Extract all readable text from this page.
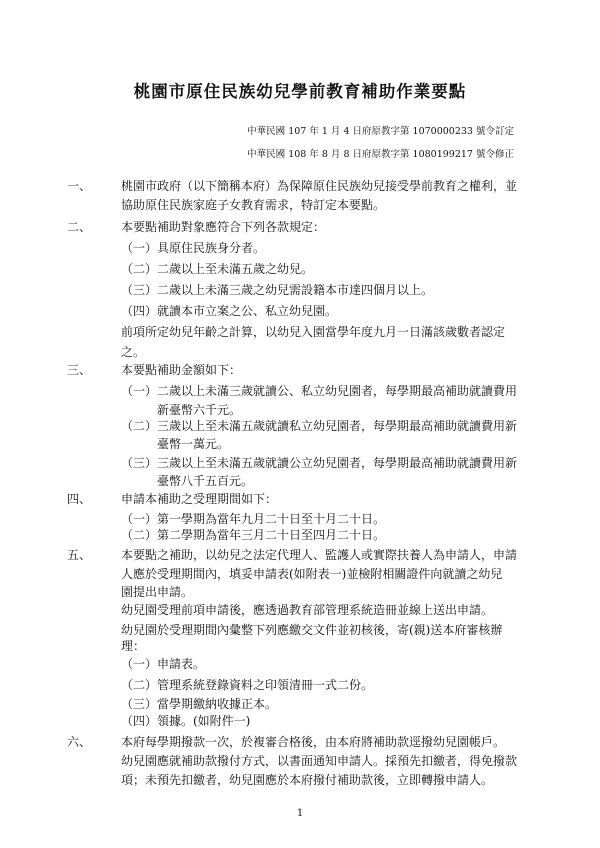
桃園市原住民族幼兒學前教育補助作業要點
中華民國 107 年 1 月 4 日府原教字第 1070000233 號令訂定
中華民國 108 年 8 月 8 日府原教字第 1080199217 號令修正
一、 桃園市政府（以下簡稱本府）為保障原住民族幼兒接受學前教育之權利，並
協助原住民族家庭子女教育需求，特訂定本要點。
二、 本要點補助對象應符合下列各款規定：
（一）具原住民族身分者。
（二）二歲以上至未滿五歲之幼兒。
（三）二歲以上未滿三歲之幼兒需設籍本市達四個月以上。
（四）就讀本市立案之公、私立幼兒園。
前項所定幼兒年齡之計算，以幼兒入園當學年度九月一日滿該歲數者認定
之。
三、 本要點補助金額如下：
（一）二歲以上未滿三歲就讀公、私立幼兒園者，每學期最高補助就讀費用
新臺幣六千元。
（二）三歲以上至未滿五歲就讀私立幼兒園者，每學期最高補助就讀費用新
臺幣一萬元。
（三）三歲以上至未滿五歲就讀公立幼兒園者，每學期最高補助就讀費用新
臺幣八千五百元。
四、 申請本補助之受理期間如下：
（一）第一學期為當年九月二十日至十月二十日。
（二）第二學期為當年三月二十日至四月二十日。
五、 本要點之補助，以幼兒之法定代理人、監護人或實際扶養人為申請人，申請
人應於受理期間內，填妥申請表(如附表一)並檢附相關證件向就讀之幼兒
園提出申請。
幼兒園受理前項申請後，應透過教育部管理系統造冊並線上送出申請。
幼兒園於受理期間內彙整下列應繳交文件並初核後，寄(親)送本府審核辦
理：
（一）申請表。
（二）管理系統登錄資料之印領清冊一式二份。
（三）當學期繳納收據正本。
（四）領據。(如附件一)
六、 本府每學期撥款一次，於複審合格後，由本府將補助款逕撥幼兒園帳戶。
幼兒園應就補助款撥付方式，以書面通知申請人。採預先扣繳者，得免撥款
項；未預先扣繳者，幼兒園應於本府撥付補助款後，立即轉撥申請人。
1
